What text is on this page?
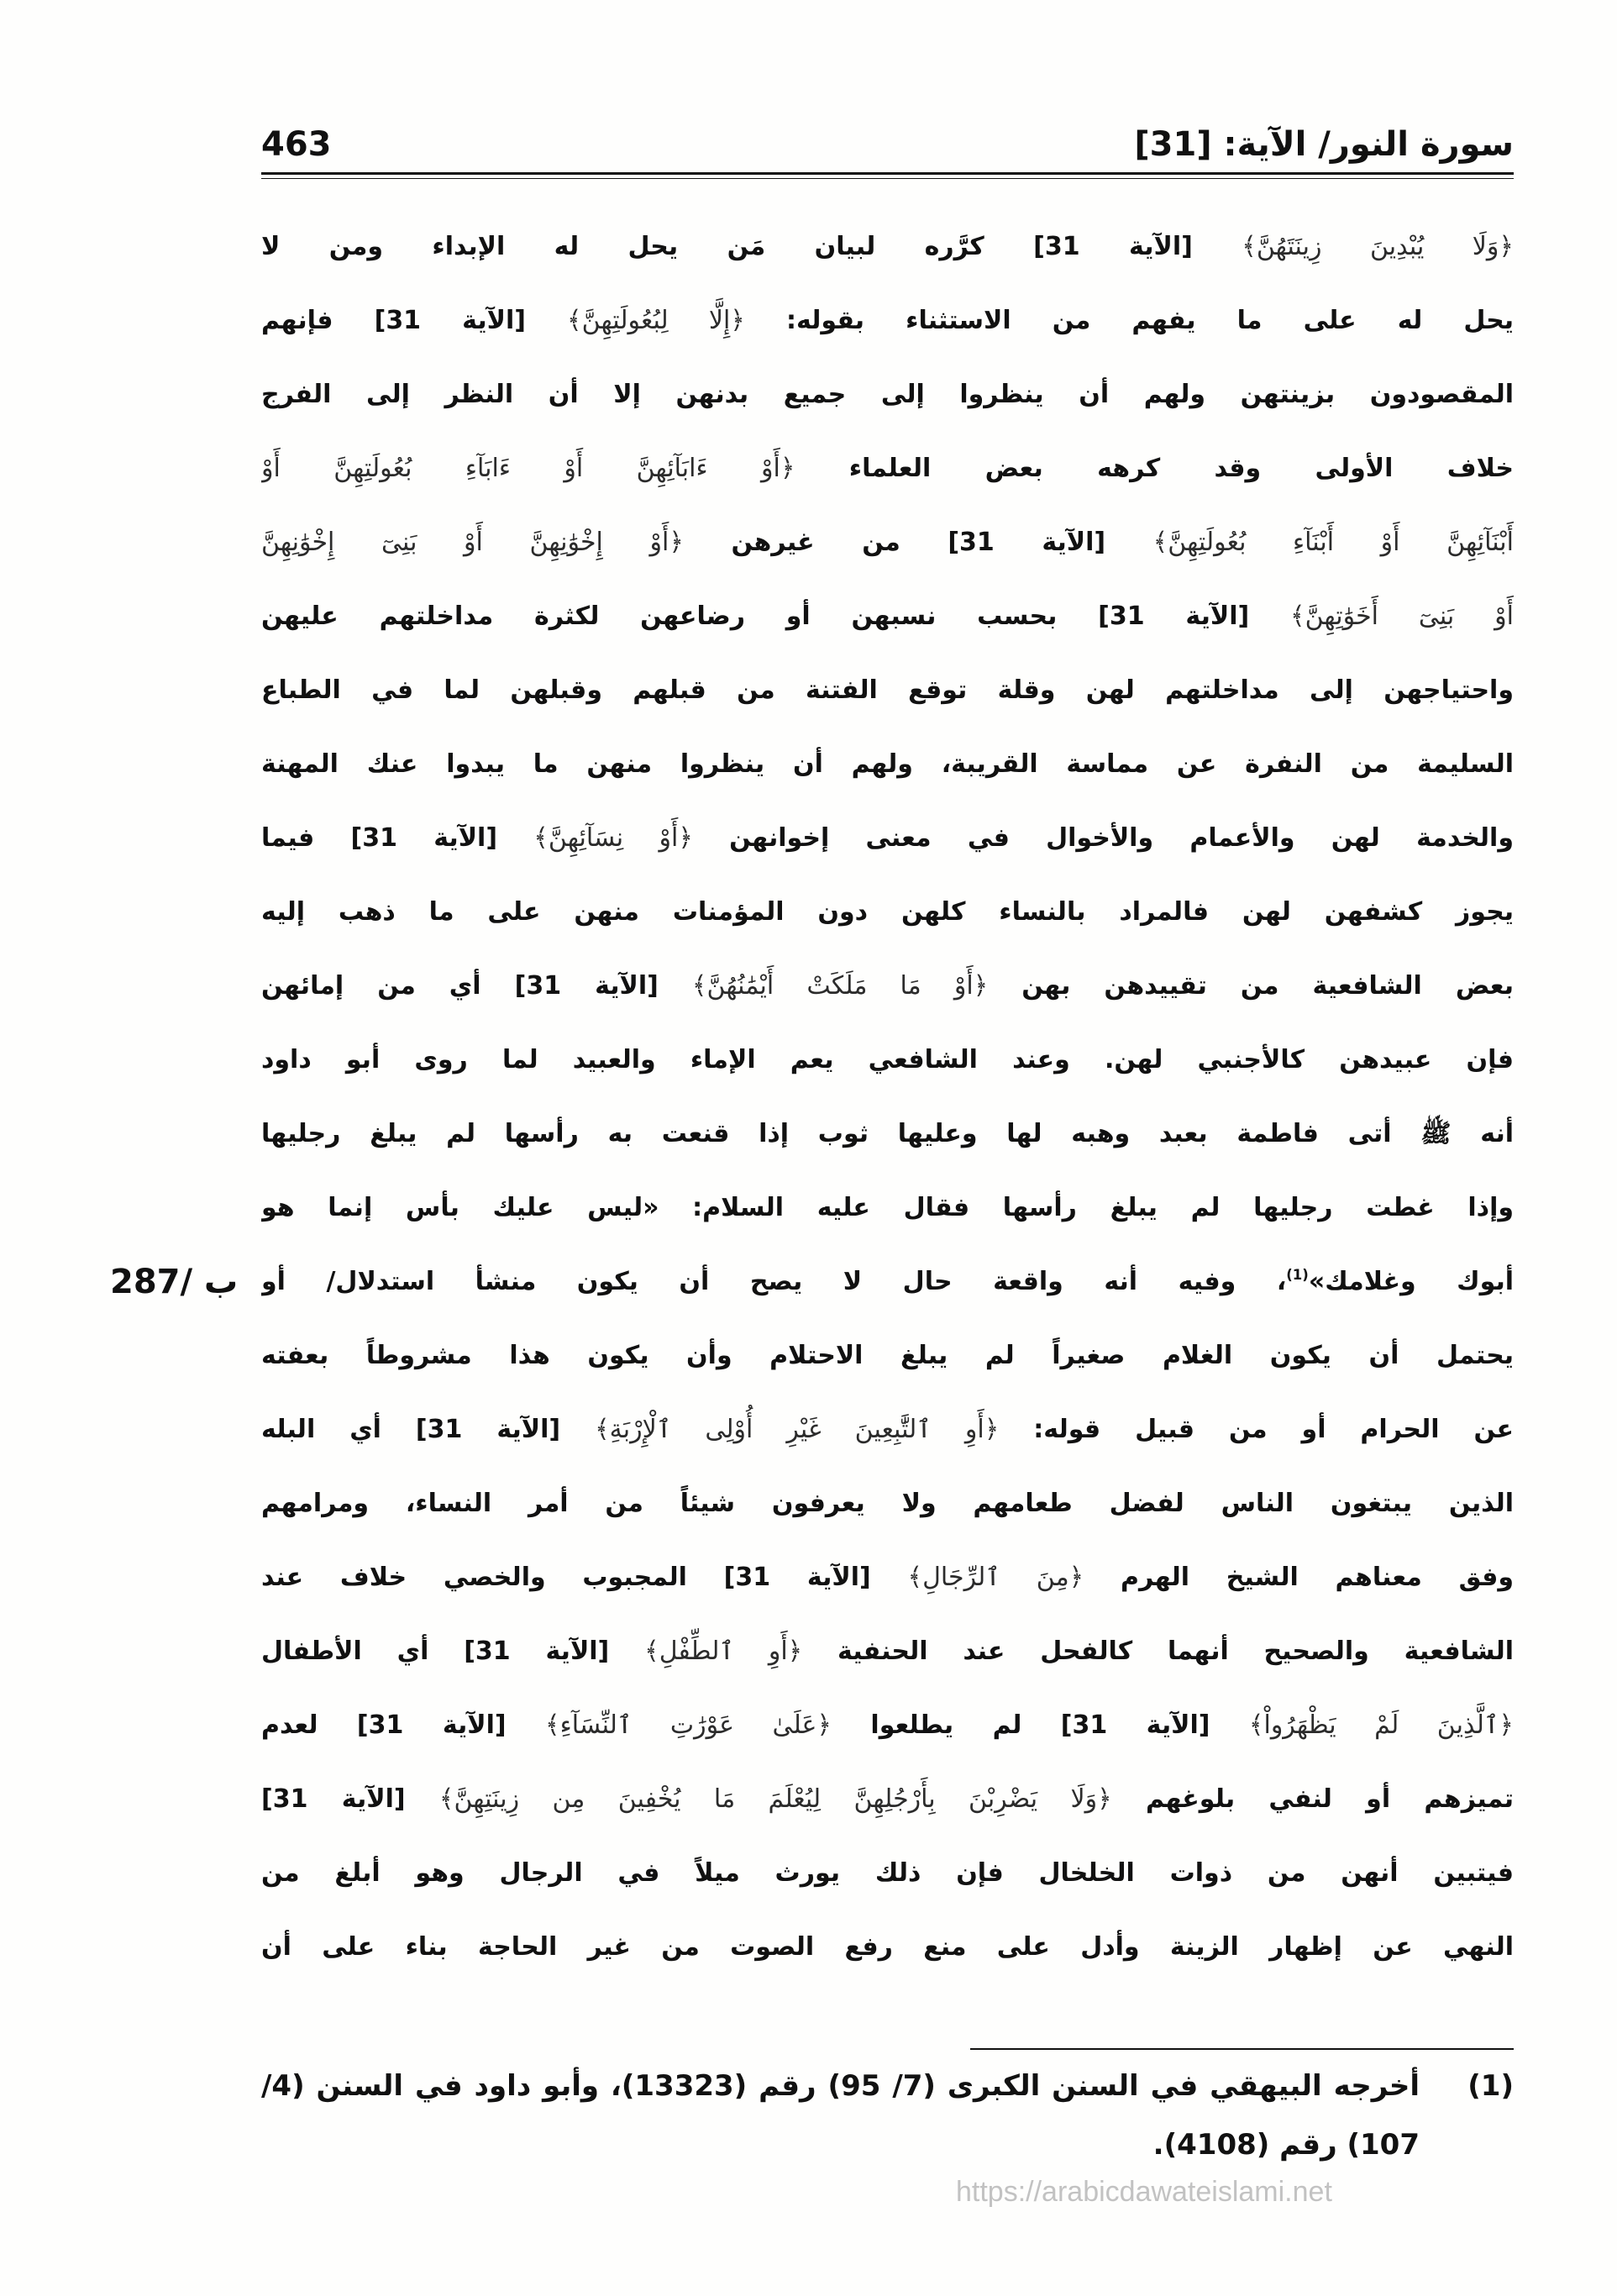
سورة النور/ الآية: [31]
463
﴿وَلَا يُبْدِينَ زِينَتَهُنَّ﴾ [الآية 31] كرَّره لبيان مَن يحل له الإبداء ومن لا
يحل له على ما يفهم من الاستثناء بقوله: ﴿إِلَّا لِبُعُولَتِهِنَّ﴾ [الآية 31] فإنهم
المقصودون بزينتهن ولهم أن ينظروا إلى جميع بدنهن إلا أن النظر إلى الفرج
خلاف الأولى وقد كرهه بعض العلماء ﴿أَوْ ءَابَآئِهِنَّ أَوْ ءَابَآءِ بُعُولَتِهِنَّ أَوْ
أَبْنَآئِهِنَّ أَوْ أَبْنَآءِ بُعُولَتِهِنَّ﴾ [الآية 31] من غيرهن ﴿أَوْ إِخْوَٰنِهِنَّ أَوْ بَنِىٓ إِخْوَٰنِهِنَّ
أَوْ بَنِىٓ أَخَوَٰتِهِنَّ﴾ [الآية 31] بحسب نسبهن أو رضاعهن لكثرة مداخلتهم عليهن
واحتياجهن إلى مداخلتهم لهن وقلة توقع الفتنة من قبلهم وقبلهن لما في الطباع
السليمة من النفرة عن مماسة القريبة، ولهم أن ينظروا منهن ما يبدوا عنك المهنة
والخدمة لهن والأعمام والأخوال في معنى إخوانهن ﴿أَوْ نِسَآئِهِنَّ﴾ [الآية 31] فيما
يجوز كشفهن لهن فالمراد بالنساء كلهن دون المؤمنات منهن على ما ذهب إليه
بعض الشافعية من تقييدهن بهن ﴿أَوْ مَا مَلَكَتْ أَيْمَٰنُهُنَّ﴾ [الآية 31] أي من إمائهن
فإن عبيدهن كالأجنبي لهن. وعند الشافعي يعم الإماء والعبيد لما روى أبو داود
أنه ﷺ أتى فاطمة بعبد وهبه لها وعليها ثوب إذا قنعت به رأسها لم يبلغ رجليها
وإذا غطت رجليها لم يبلغ رأسها فقال عليه السلام: «ليس عليك بأس إنما هو
أبوك وغلامك»$^{(1)}$، وفيه أنه واقعة حال لا يصح أن يكون منشأ استدلال/ أو
يحتمل أن يكون الغلام صغيراً لم يبلغ الاحتلام وأن يكون هذا مشروطاً بعفته
عن الحرام أو من قبيل قوله: ﴿أَوِ ٱلتَّٰبِعِينَ غَيْرِ أُوْلِى ٱلْإِرْبَةِ﴾ [الآية 31] أي البله
الذين يبتغون الناس لفضل طعامهم ولا يعرفون شيئاً من أمر النساء، ومرامهم
وفق معناهم الشيخ الهرم ﴿مِنَ ٱلرِّجَالِ﴾ [الآية 31] المجبوب والخصي خلاف عند
الشافعية والصحيح أنهما كالفحل عند الحنفية ﴿أَوِ ٱلطِّفْلِ﴾ [الآية 31] أي الأطفال
﴿ٱلَّذِينَ لَمْ يَظْهَرُواْ﴾ [الآية 31] لم يطلعوا ﴿عَلَىٰ عَوْرَٰتِ ٱلنِّسَآءِ﴾ [الآية 31] لعدم
تميزهم أو لنفي بلوغهم ﴿وَلَا يَضْرِبْنَ بِأَرْجُلِهِنَّ لِيُعْلَمَ مَا يُخْفِينَ مِن زِينَتِهِنَّ﴾ [الآية 31]
فيتبين أنهن من ذوات الخلخال فإن ذلك يورث ميلاً في الرجال وهو أبلغ من
النهي عن إظهار الزينة وأدل على منع رفع الصوت من غير الحاجة بناء على أن
287/ ب
(1)
أخرجه البيهقي في السنن الكبرى (7/ 95) رقم (13323)، وأبو داود في السنن (4/
107) رقم (4108).
https://arabicdawateislami.net
